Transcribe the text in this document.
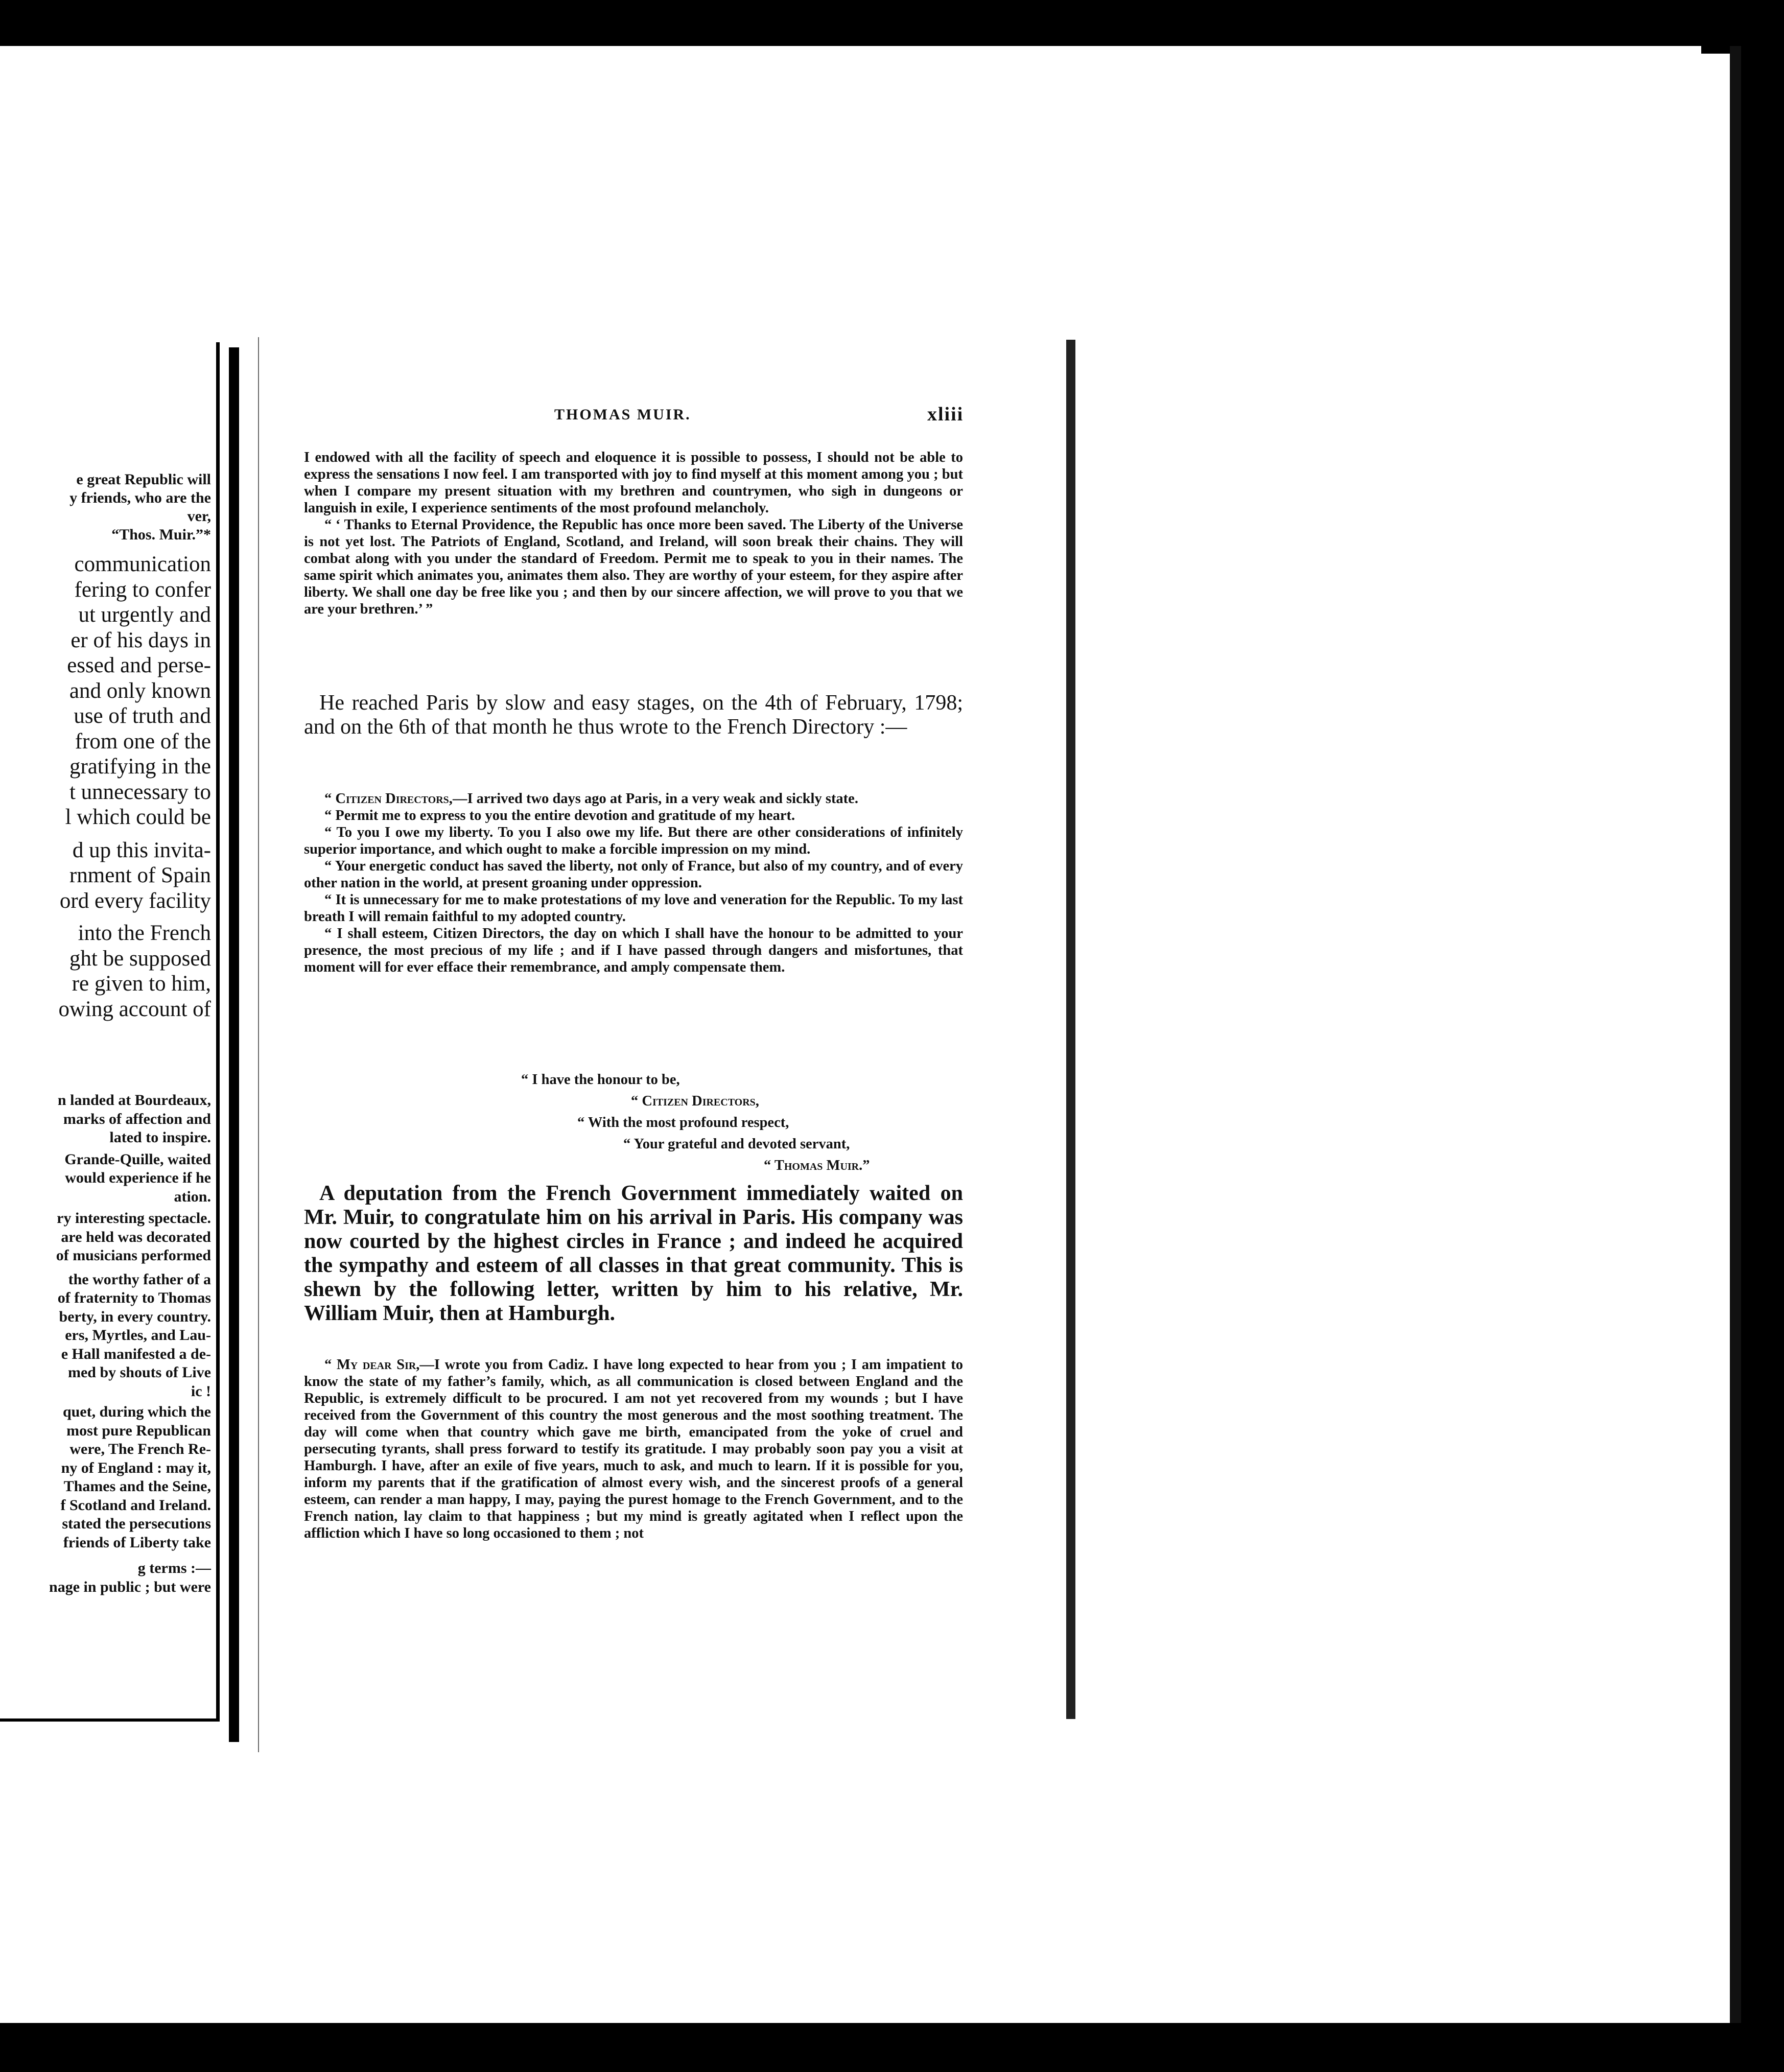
e great Republic will
y friends, who are the
ver,
“Thos. Muir.”*
communication
fering to confer
ut urgently and
er of his days in
essed and perse-
and only known
use of truth and
from one of the
gratifying in the
t unnecessary to
l which could be
d up this invita-
rnment of Spain
ord every facility
into the French
ght be supposed
re given to him,
owing account of
n landed at Bourdeaux,
marks of affection and
lated to inspire.
Grande-Quille, waited
would experience if he
ation.
ry interesting spectacle.
are held was decorated
of musicians performed
the worthy father of a
of fraternity to Thomas
berty, in every country.
ers, Myrtles, and Lau-
e Hall manifested a de-
med by shouts of Live
ic !
quet, during which the
most pure Republican
were, The French Re-
ny of England : may it,
Thames and the Seine,
f Scotland and Ireland.
stated the persecutions
friends of Liberty take
g terms :—
nage in public ; but were
THOMAS MUIR.	xliii

I endowed with all the facility of speech and eloquence it is possible to possess, I should not be able to express the sensations I now feel. I am transported with joy to find myself at this moment among you ; but when I compare my present situation with my brethren and countrymen, who sigh in dungeons or languish in exile, I experience sentiments of the most profound melancholy.

“ ‘ Thanks to Eternal Providence, the Republic has once more been saved. The Liberty of the Universe is not yet lost. The Patriots of England, Scotland, and Ireland, will soon break their chains. They will combat along with you under the standard of Freedom. Permit me to speak to you in their names. The same spirit which animates you, animates them also. They are worthy of your esteem, for they aspire after liberty. We shall one day be free like you ; and then by our sincere affection, we will prove to you that we are your brethren.’ ”

He reached Paris by slow and easy stages, on the 4th of February, 1798; and on the 6th of that month he thus wrote to the French Directory :—

“ Citizen Directors,—I arrived two days ago at Paris, in a very weak and sickly state.

“ Permit me to express to you the entire devotion and gratitude of my heart.

“ To you I owe my liberty. To you I also owe my life. But there are other considerations of infinitely superior importance, and which ought to make a forcible impression on my mind.

“ Your energetic conduct has saved the liberty, not only of France, but also of my country, and of every other nation in the world, at present groaning under oppression.

“ It is unnecessary for me to make protestations of my love and veneration for the Republic. To my last breath I will remain faithful to my adopted country.

“ I shall esteem, Citizen Directors, the day on which I shall have the honour to be admitted to your presence, the most precious of my life ; and if I have passed through dangers and misfortunes, that moment will for ever efface their remembrance, and amply compensate them.

“ I have the honour to be,
“ Citizen Directors,
“ With the most profound respect,
“ Your grateful and devoted servant,
“ Thomas Muir.”
A deputation from the French Government immediately waited on Mr. Muir, to congratulate him on his arrival in Paris. His company was now courted by the highest circles in France ; and indeed he acquired the sympathy and esteem of all classes in that great community. This is shewn by the following letter, written by him to his relative, Mr. William Muir, then at Hamburgh.

“ My dear Sir,—I wrote you from Cadiz. I have long expected to hear from you ; I am impatient to know the state of my father’s family, which, as all communication is closed between England and the Republic, is extremely difficult to be procured. I am not yet recovered from my wounds ; but I have received from the Government of this country the most generous and the most soothing treatment. The day will come when that country which gave me birth, emancipated from the yoke of cruel and persecuting tyrants, shall press forward to testify its gratitude. I may probably soon pay you a visit at Hamburgh. I have, after an exile of five years, much to ask, and much to learn. If it is possible for you, inform my parents that if the gratification of almost every wish, and the sincerest proofs of a general esteem, can render a man happy, I may, paying the purest homage to the French Government, and to the French nation, lay claim to that happiness ; but my mind is greatly agitated when I reflect upon the affliction which I have so long occasioned to them ; not
